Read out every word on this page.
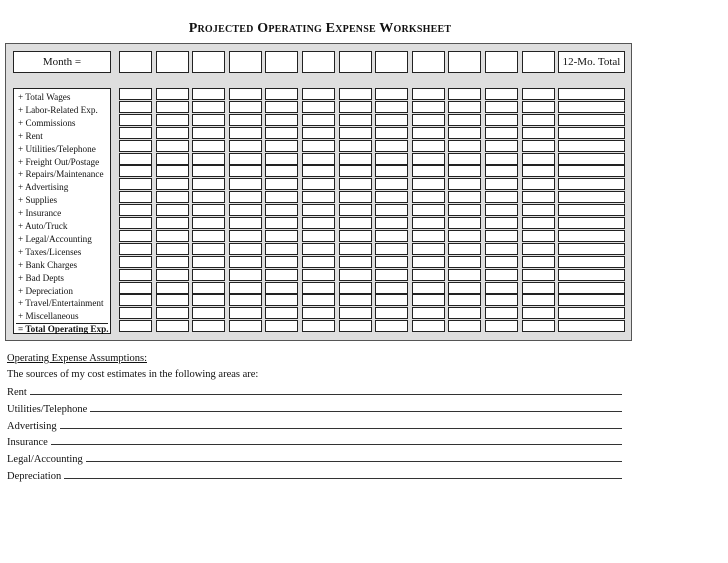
Projected Operating Expense Worksheet
Month =	12-Mo. Total
+ Total Wages
+ Labor-Related Exp.
+ Commissions
+ Rent
+ Utilities/Telephone
+ Freight Out/Postage
+ Repairs/Maintenance
+ Advertising
+ Supplies
+ Insurance
+ Auto/Truck
+ Legal/Accounting
+ Taxes/Licenses
+ Bank Charges
+ Bad Depts
+ Depreciation
+ Travel/Entertainment
+ Miscellaneous
= Total Operating Exp.
Operating Expense Assumptions:
The sources of my cost estimates in the following areas are:
Rent
Utilities/Telephone
Advertising
Insurance
Legal/Accounting
Depreciation
